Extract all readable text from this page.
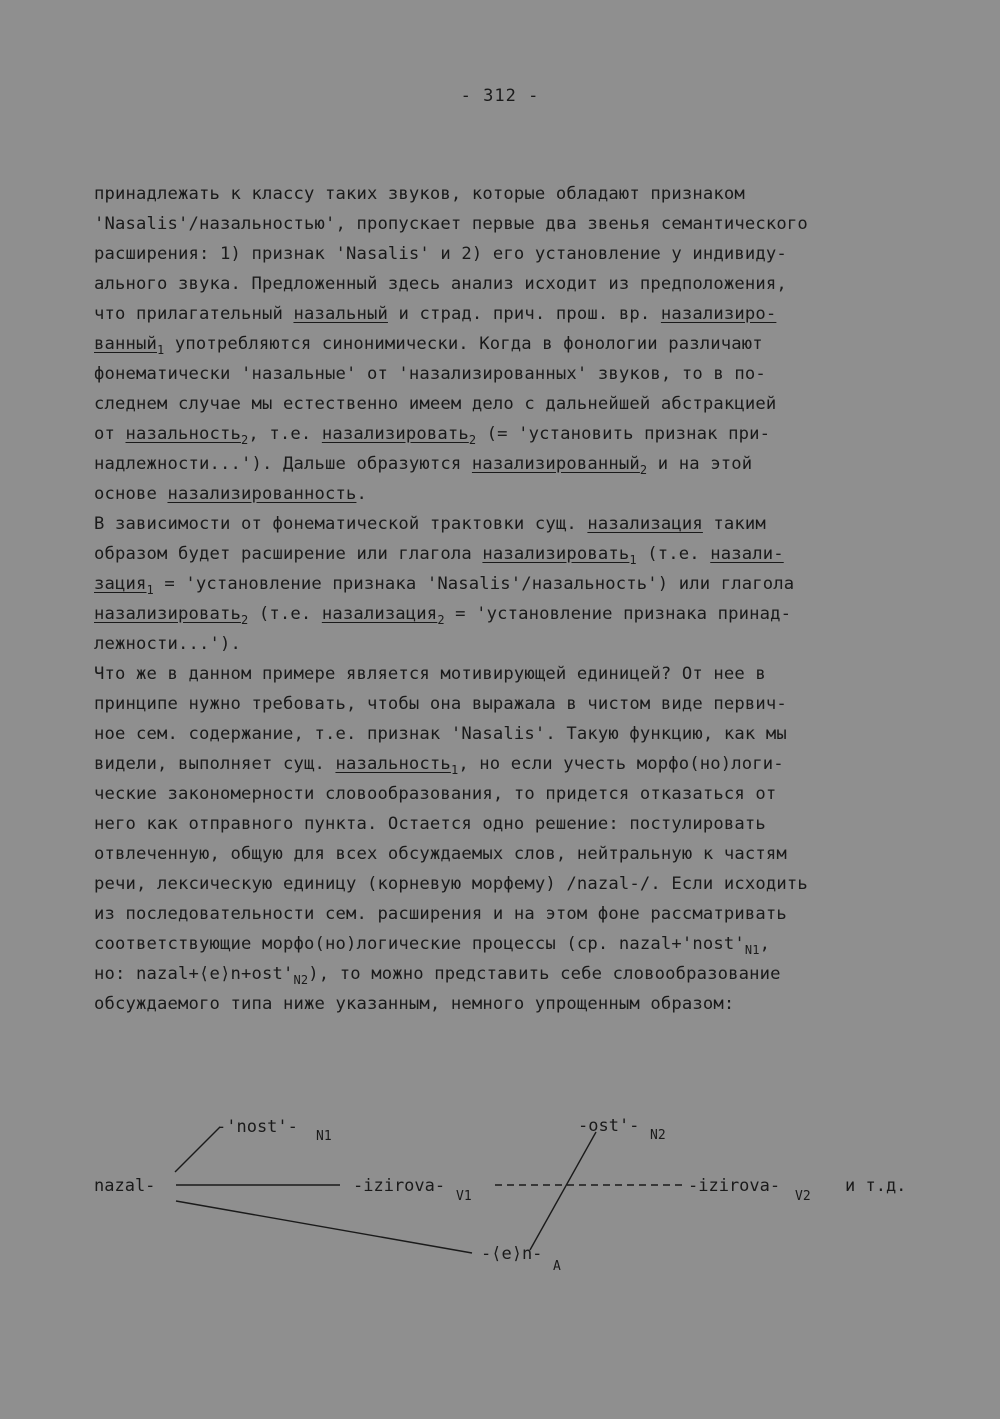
- 312 -
принадлежать к классу таких звуков, которые обладают признаком
'Nasalis'/назальностью', пропускает первые два звенья семантического
расширения: 1) признак 'Nasalis' и 2) его установление у индивиду-
ального звука. Предложенный здесь анализ исходит из предположения,
что прилагательный назальный и страд. прич. прош. вр. назализиро-
ванный$_1$ употребляются синонимически. Когда в фонологии различают
фонематически 'назальные' от 'назализированных' звуков, то в по-
следнем случае мы естественно имеем дело с дальнейшей абстракцией
от назальность$_2$, т.е. назализировать$_2$ (= 'установить признак при-
надлежности...'). Дальше образуются назализированный$_2$ и на этой
основе назализированность.
В зависимости от фонематической трактовки сущ. назализация таким
образом будет расширение или глагола назализировать$_1$ (т.е. назали-
зация$_1$ = 'установление признака 'Nasalis'/назальность') или глагола
назализировать$_2$ (т.е. назализация$_2$ = 'установление признака принад-
лежности...').
Что же в данном примере является мотивирующей единицей? От нее в
принципе нужно требовать, чтобы она выражала в чистом виде первич-
ное сем. содержание, т.е. признак 'Nasalis'. Такую функцию, как мы
видели, выполняет сущ. назальность$_1$, но если учесть морфо(но)логи-
ческие закономерности словообразования, то придется отказаться от
него как отправного пункта. Остается одно решение: постулировать
отвлеченную, общую для всех обсуждаемых слов, нейтральную к частям
речи, лексическую единицу (корневую морфему) /nazal-/. Если исходить
из последовательности сем. расширения и на этом фоне рассматривать
соответствующие морфо(но)логические процессы (ср. $nazal+'nost'_{N1}$,
но: $nazal+⟨e⟩n+ost'_{N2}$), то можно представить себе словообразование
обсуждаемого типа ниже указанным, немного упрощенным образом:
nazal-
-'nost'- N1
-ost'- N2
-izirova-
V1
-izirova-
V2
и т.д.
-⟨e⟩n-
A
